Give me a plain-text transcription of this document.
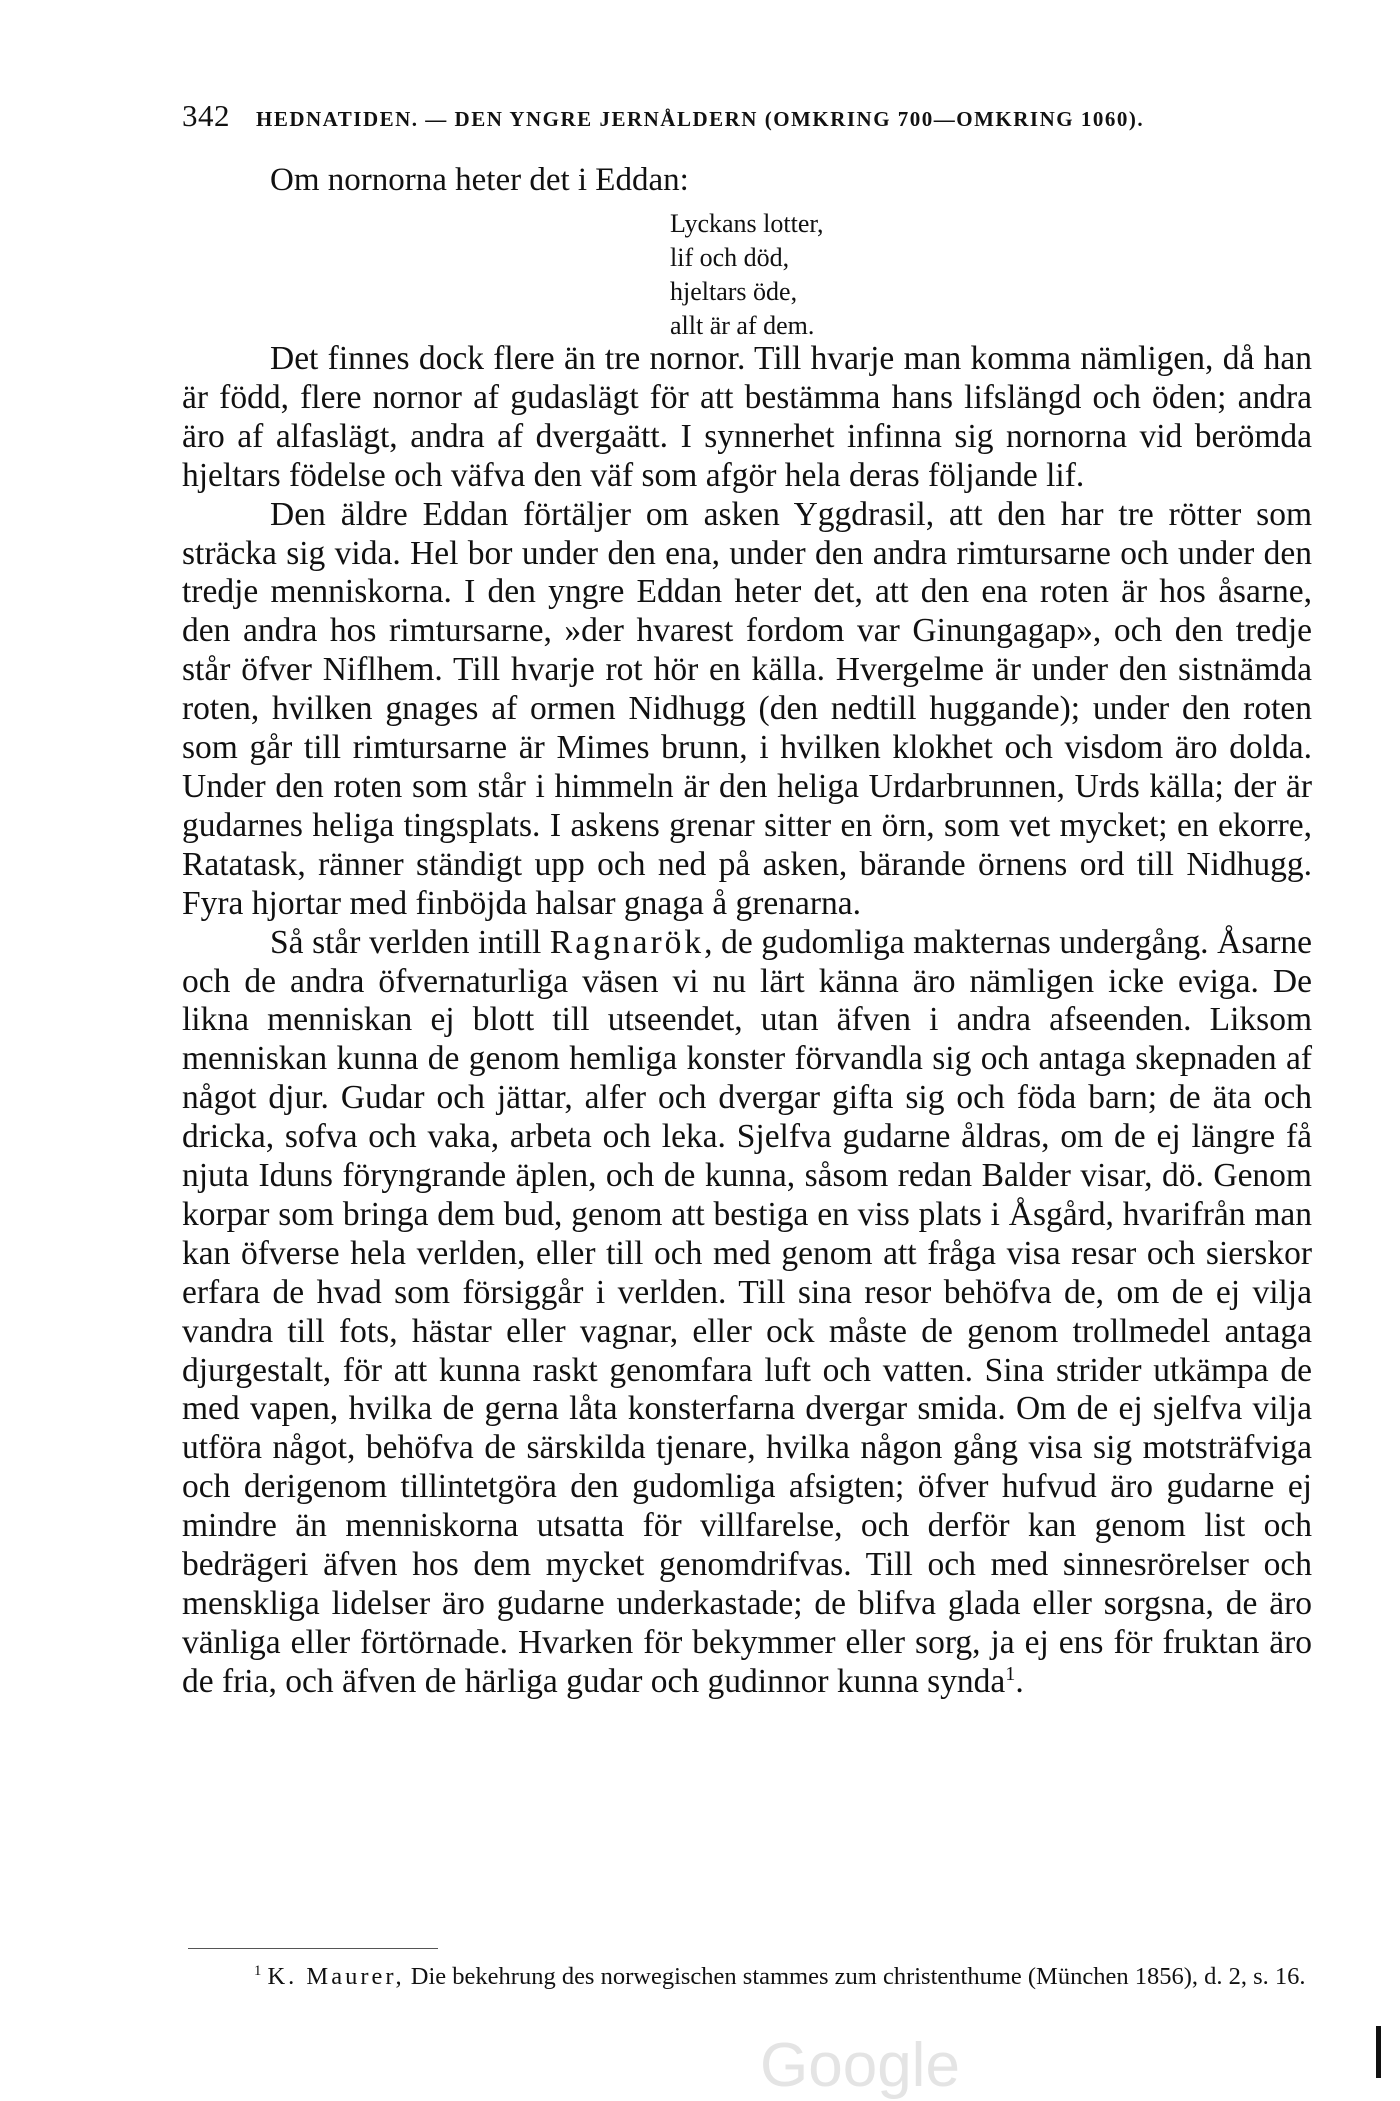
342 HEDNATIDEN. — DEN YNGRE JERNÅLDERN (OMKRING 700—OMKRING 1060).
Om nornorna heter det i Eddan:
Lyckans lotter,
lif och död,
hjeltars öde,
allt är af dem.

Det finnes dock flere än tre nornor. Till hvarje man komma nämligen, då han är född, flere nornor af gudaslägt för att bestämma hans lifslängd och öden; andra äro af alfaslägt, andra af dvergaätt. I synnerhet infinna sig nornorna vid berömda hjeltars födelse och väfva den väf som afgör hela deras följande lif.

Den äldre Eddan förtäljer om asken Yggdrasil, att den har tre rötter som sträcka sig vida. Hel bor under den ena, under den andra rimtursarne och under den tredje menniskorna. I den yngre Eddan heter det, att den ena roten är hos åsarne, den andra hos rimtursarne, »der hvarest fordom var Ginungagap», och den tredje står öfver Niflhem. Till hvarje rot hör en källa. Hvergelme är under den sistnämda roten, hvilken gnages af ormen Nidhugg (den nedtill huggande); under den roten som går till rimtursarne är Mimes brunn, i hvilken klokhet och visdom äro dolda. Under den roten som står i himmeln är den heliga Urdarbrunnen, Urds källa; der är gudarnes heliga tingsplats. I askens grenar sitter en örn, som vet mycket; en ekorre, Ratatask, ränner ständigt upp och ned på asken, bärande örnens ord till Nidhugg. Fyra hjortar med finböjda halsar gnaga å grenarna.

Så står verlden intill Ragnarök, de gudomliga makternas undergång. Åsarne och de andra öfvernaturliga väsen vi nu lärt känna äro nämligen icke eviga. De likna menniskan ej blott till utseendet, utan äfven i andra afseenden. Liksom menniskan kunna de genom hemliga konster förvandla sig och antaga skepnaden af något djur. Gudar och jättar, alfer och dvergar gifta sig och föda barn; de äta och dricka, sofva och vaka, arbeta och leka. Sjelfva gudarne åldras, om de ej längre få njuta Iduns föryngrande äplen, och de kunna, såsom redan Balder visar, dö. Genom korpar som bringa dem bud, genom att bestiga en viss plats i Åsgård, hvarifrån man kan öfverse hela verlden, eller till och med genom att fråga visa resar och sierskor erfara de hvad som försiggår i verlden. Till sina resor behöfva de, om de ej vilja vandra till fots, hästar eller vagnar, eller ock måste de genom trollmedel antaga djurgestalt, för att kunna raskt genomfara luft och vatten. Sina strider utkämpa de med vapen, hvilka de gerna låta konsterfarna dvergar smida. Om de ej sjelfva vilja utföra något, behöfva de särskilda tjenare, hvilka någon gång visa sig motsträfviga och derigenom tillintetgöra den gudomliga afsigten; öfver hufvud äro gudarne ej mindre än menniskorna utsatta för villfarelse, och derför kan genom list och bedrägeri äfven hos dem mycket genomdrifvas. Till och med sinnesrörelser och menskliga lidelser äro gudarne underkastade; de blifva glada eller sorgsna, de äro vänliga eller förtörnade. Hvarken för bekymmer eller sorg, ja ej ens för fruktan äro de fria, och äfven de härliga gudar och gudinnor kunna synda$^1$.

$^1$ K. Maurer, Die bekehrung des norwegischen stammes zum christenthume (München 1856), d. 2, s. 16.
Google
